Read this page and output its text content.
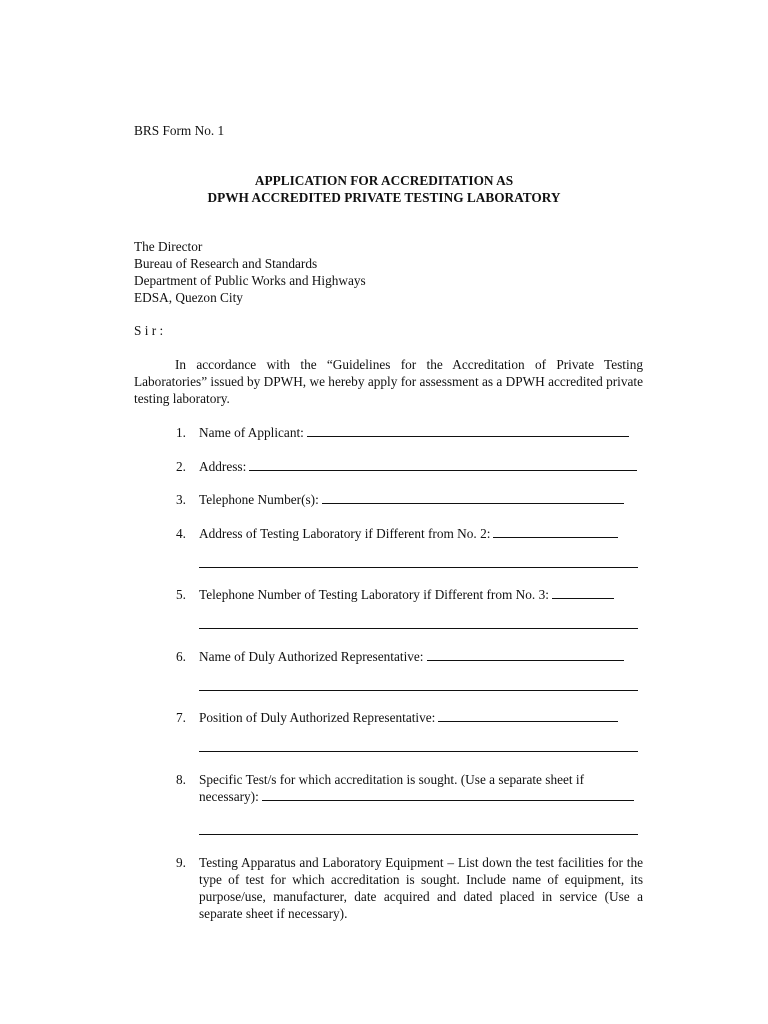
BRS Form No. 1
APPLICATION FOR ACCREDITATION AS
DPWH ACCREDITED PRIVATE TESTING LABORATORY
The Director
Bureau of Research and Standards
Department of Public Works and Highways
EDSA, Quezon City
S i r :
In accordance with the “Guidelines for the Accreditation of Private Testing Laboratories” issued by DPWH, we hereby apply for assessment as a DPWH accredited private testing laboratory.
1. Name of Applicant:
2. Address:
3. Telephone Number(s):
4. Address of Testing Laboratory if Different from No. 2:
5. Telephone Number of Testing Laboratory if Different from No. 3:
6. Name of Duly Authorized Representative:
7. Position of Duly Authorized Representative:
8. Specific Test/s for which accreditation is sought. (Use a separate sheet if
necessary):
9. Testing Apparatus and Laboratory Equipment – List down the test facilities for the type of test for which accreditation is sought. Include name of equipment, its purpose/use, manufacturer, date acquired and dated placed in service (Use a separate sheet if necessary).
